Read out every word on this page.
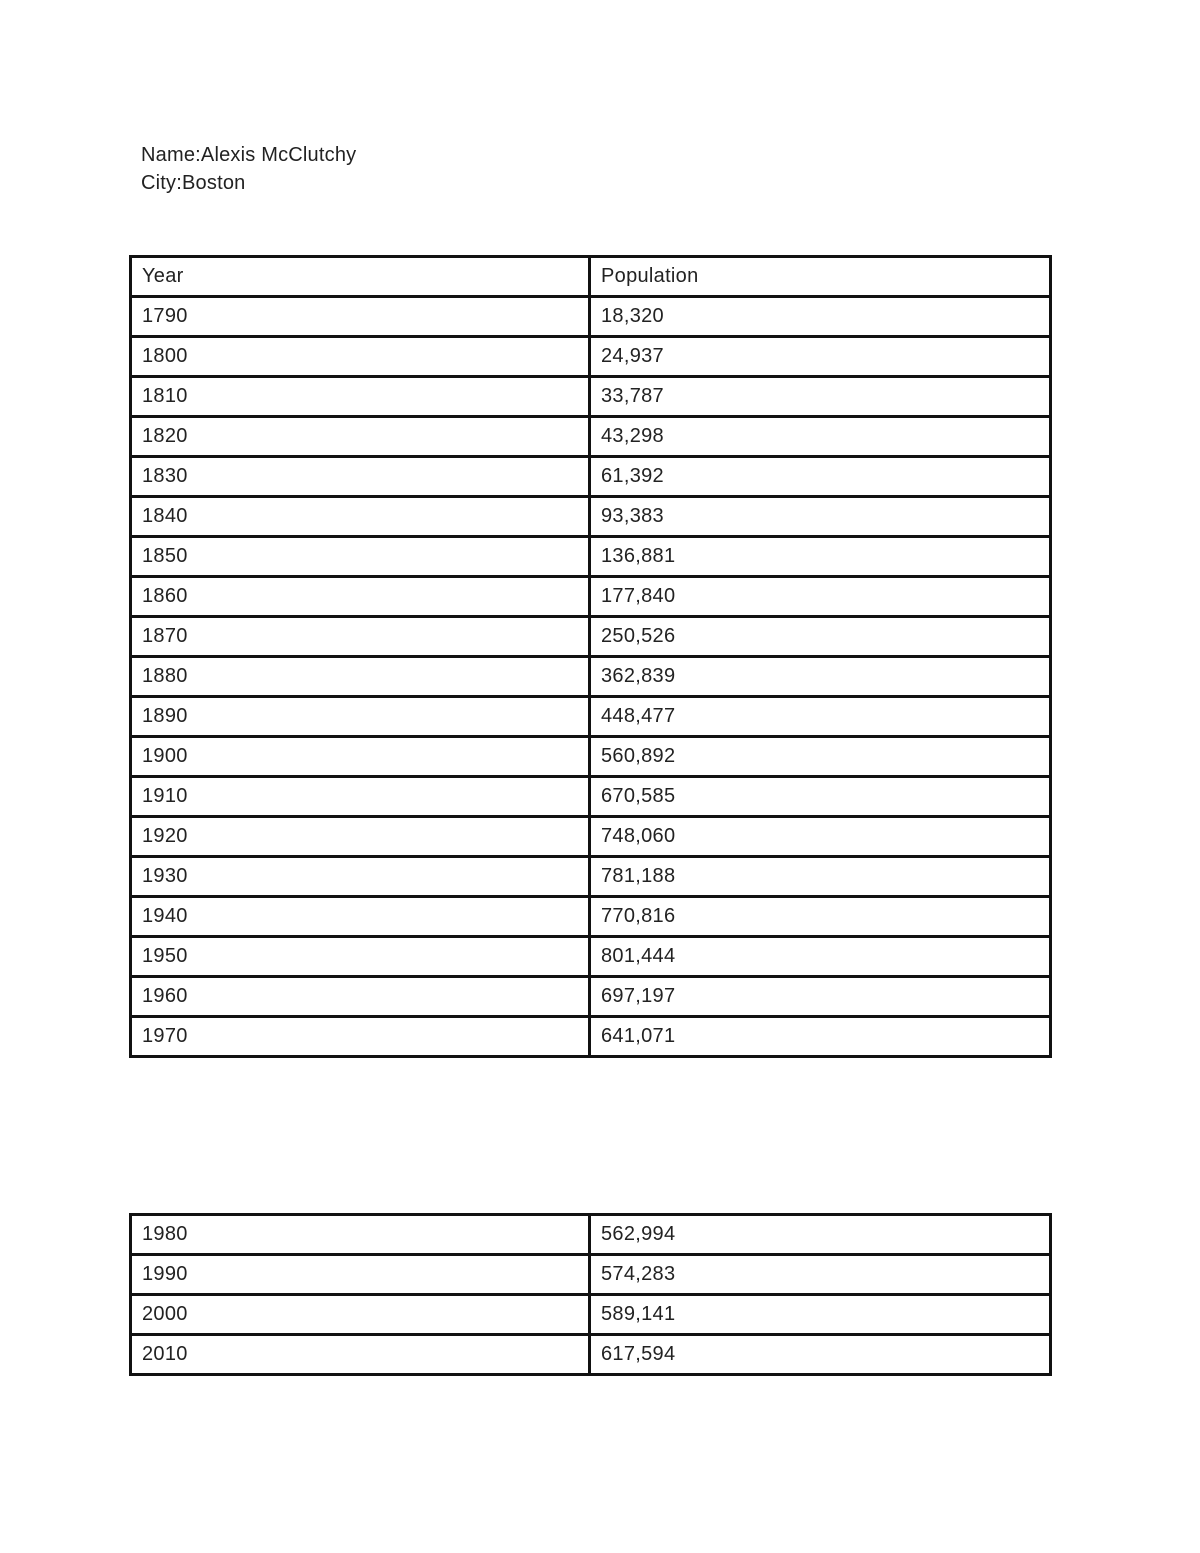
Name:Alexis McClutchy
City:Boston
Year	Population
1790	18,320
1800	24,937
1810	33,787
1820	43,298
1830	61,392
1840	93,383
1850	136,881
1860	177,840
1870	250,526
1880	362,839
1890	448,477
1900	560,892
1910	670,585
1920	748,060
1930	781,188
1940	770,816
1950	801,444
1960	697,197
1970	641,071
1980	562,994
1990	574,283
2000	589,141
2010	617,594
